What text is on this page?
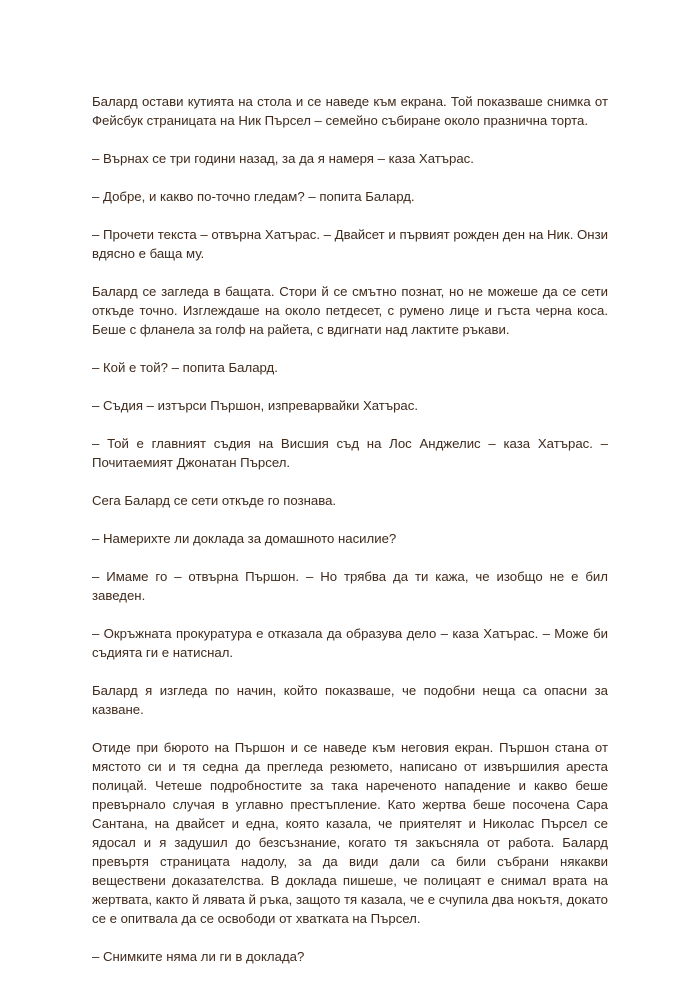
Балард остави кутията на стола и се наведе към екрана. Той показваше снимка от Фейсбук страницата на Ник Пърсел – семейно събиране около празнична торта.

– Върнах се три години назад, за да я намеря – каза Хатърас.

– Добре, и какво по-точно гледам? – попита Балард.

– Прочети текста – отвърна Хатърас. – Двайсет и първият рожден ден на Ник. Онзи вдясно е баща му.

Балард се загледа в бащата. Стори й се смътно познат, но не можеше да се сети откъде точно. Изглеждаше на около петдесет, с румено лице и гъста черна коса. Беше с фланела за голф на райета, с вдигнати над лактите ръкави.

– Кой е той? – попита Балард.

– Съдия – изтърси Пършон, изпреварвайки Хатърас.

– Той е главният съдия на Висшия съд на Лос Анджелис – каза Хатърас. – Почитаемият Джонатан Пърсел.

Сега Балард се сети откъде го познава.

– Намерихте ли доклада за домашното насилие?

– Имаме го – отвърна Пършон. – Но трябва да ти кажа, че изобщо не е бил заведен.

– Окръжната прокуратура е отказала да образува дело – каза Хатърас. – Може би съдията ги е натиснал.

Балард я изгледа по начин, който показваше, че подобни неща са опасни за казване.

Отиде при бюрото на Пършон и се наведе към неговия екран. Пършон стана от мястото си и тя седна да прегледа резюмето, написано от извършилия ареста полицай. Четеше подробностите за така нареченото нападение и какво беше превърнало случая в углавно престъпление. Като жертва беше посочена Сара Сантана, на двайсет и една, която казала, че приятелят и Николас Пърсел се ядосал и я задушил до безсъзнание, когато тя закъсняла от работа. Балард превъртя страницата надолу, за да види дали са били събрани някакви веществени доказателства. В доклада пишеше, че полицаят е снимал врата на жертвата, както й лявата й ръка, защото тя казала, че е счупила два нокътя, докато се е опитвала да се освободи от хватката на Пърсел.

– Снимките няма ли ги в доклада?
